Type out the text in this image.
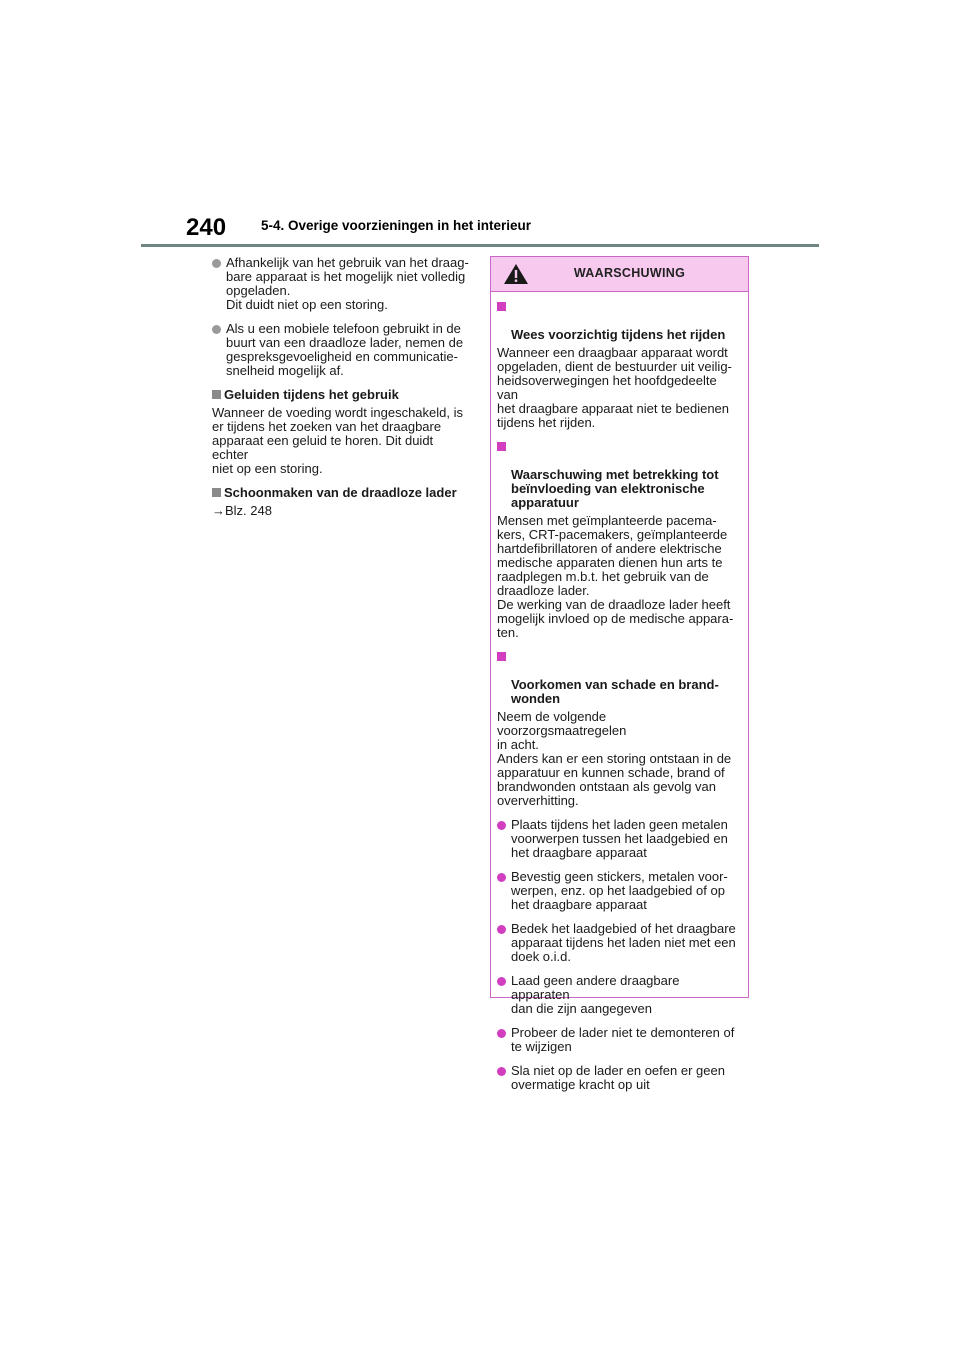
240	5-4. Overige voorzieningen in het interieur
Afhankelijk van het gebruik van het draag-
bare apparaat is het mogelijk niet volledig
opgeladen.
Dit duidt niet op een storing.
Als u een mobiele telefoon gebruikt in de
buurt van een draadloze lader, nemen de
gespreksgevoeligheid en communicatie-
snelheid mogelijk af.
Geluiden tijdens het gebruik
Wanneer de voeding wordt ingeschakeld, is
er tijdens het zoeken van het draagbare
apparaat een geluid te horen. Dit duidt echter
niet op een storing.
Schoonmaken van de draadloze lader
→Blz. 248
WAARSCHUWING

Wees voorzichtig tijdens het rijden

Wanneer een draagbaar apparaat wordt
opgeladen, dient de bestuurder uit veilig-
heidsoverwegingen het hoofdgedeelte van
het draagbare apparaat niet te bedienen
tijdens het rijden.

Waarschuwing met betrekking tot
beïnvloeding van elektronische
apparatuur

Mensen met geïmplanteerde pacema-
kers, CRT-pacemakers, geïmplanteerde
hartdefibrillatoren of andere elektrische
medische apparaten dienen hun arts te
raadplegen m.b.t. het gebruik van de
draadloze lader.
De werking van de draadloze lader heeft
mogelijk invloed op de medische appara-
ten.

Voorkomen van schade en brand-
wonden

Neem de volgende voorzorgsmaatregelen
in acht.
Anders kan er een storing ontstaan in de
apparatuur en kunnen schade, brand of
brandwonden ontstaan als gevolg van
oververhitting.
Plaats tijdens het laden geen metalen
voorwerpen tussen het laadgebied en
het draagbare apparaat
Bevestig geen stickers, metalen voor-
werpen, enz. op het laadgebied of op
het draagbare apparaat
Bedek het laadgebied of het draagbare
apparaat tijdens het laden niet met een
doek o.i.d.
Laad geen andere draagbare apparaten
dan die zijn aangegeven
Probeer de lader niet te demonteren of
te wijzigen
Sla niet op de lader en oefen er geen
overmatige kracht op uit
